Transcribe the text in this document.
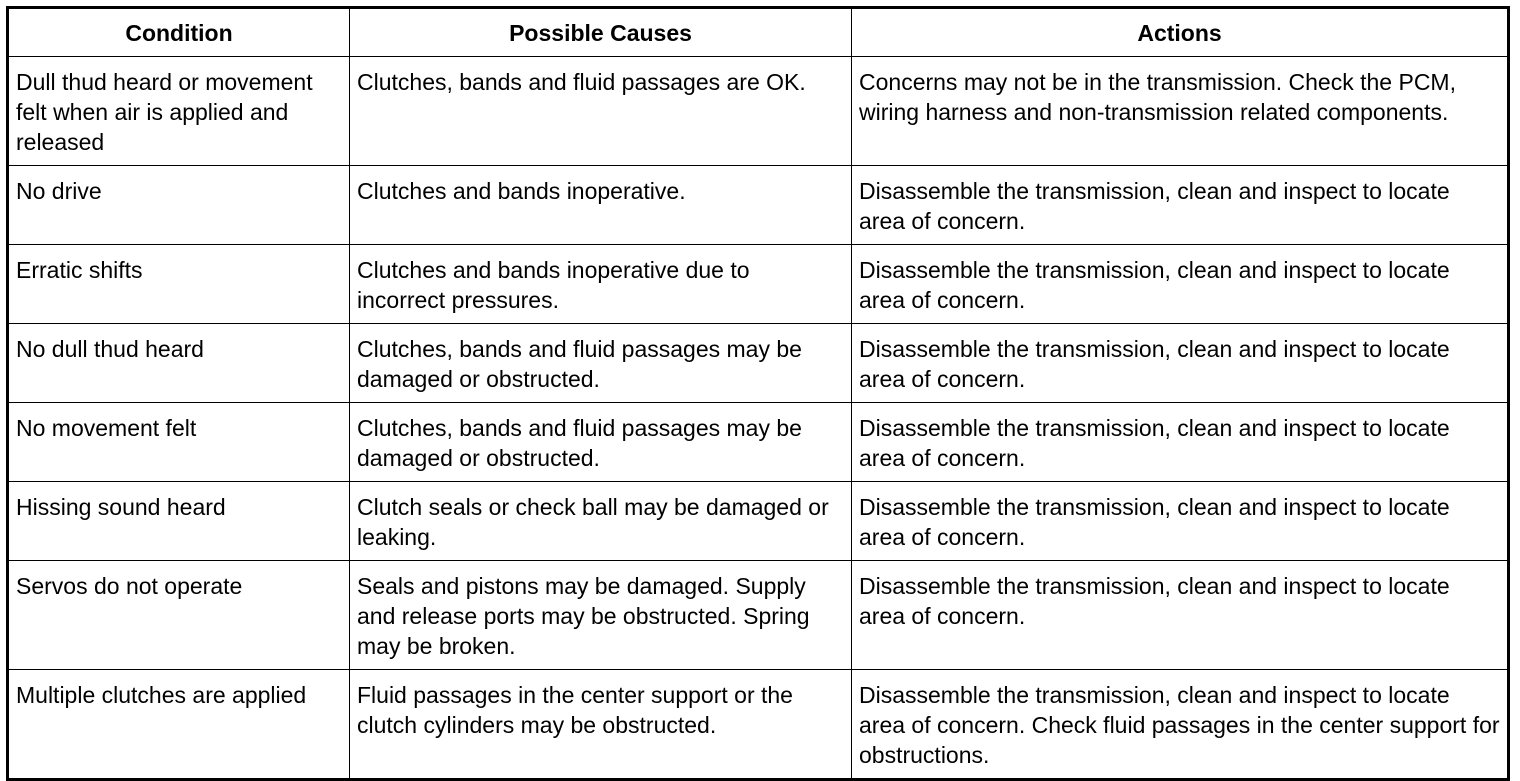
Condition	Possible Causes	Actions
Dull thud heard or movement felt when air is applied and released	Clutches, bands and fluid passages are OK.	Concerns may not be in the transmission. Check the PCM, wiring harness and non-transmission related components.
No drive	Clutches and bands inoperative.	Disassemble the transmission, clean and inspect to locate area of concern.
Erratic shifts	Clutches and bands inoperative due to incorrect pressures.	Disassemble the transmission, clean and inspect to locate area of concern.
No dull thud heard	Clutches, bands and fluid passages may be damaged or obstructed.	Disassemble the transmission, clean and inspect to locate area of concern.
No movement felt	Clutches, bands and fluid passages may be damaged or obstructed.	Disassemble the transmission, clean and inspect to locate area of concern.
Hissing sound heard	Clutch seals or check ball may be damaged or leaking.	Disassemble the transmission, clean and inspect to locate area of concern.
Servos do not operate	Seals and pistons may be damaged. Supply and release ports may be obstructed. Spring may be broken.	Disassemble the transmission, clean and inspect to locate area of concern.
Multiple clutches are applied	Fluid passages in the center support or the clutch cylinders may be obstructed.	Disassemble the transmission, clean and inspect to locate area of concern. Check fluid passages in the center support for obstructions.
